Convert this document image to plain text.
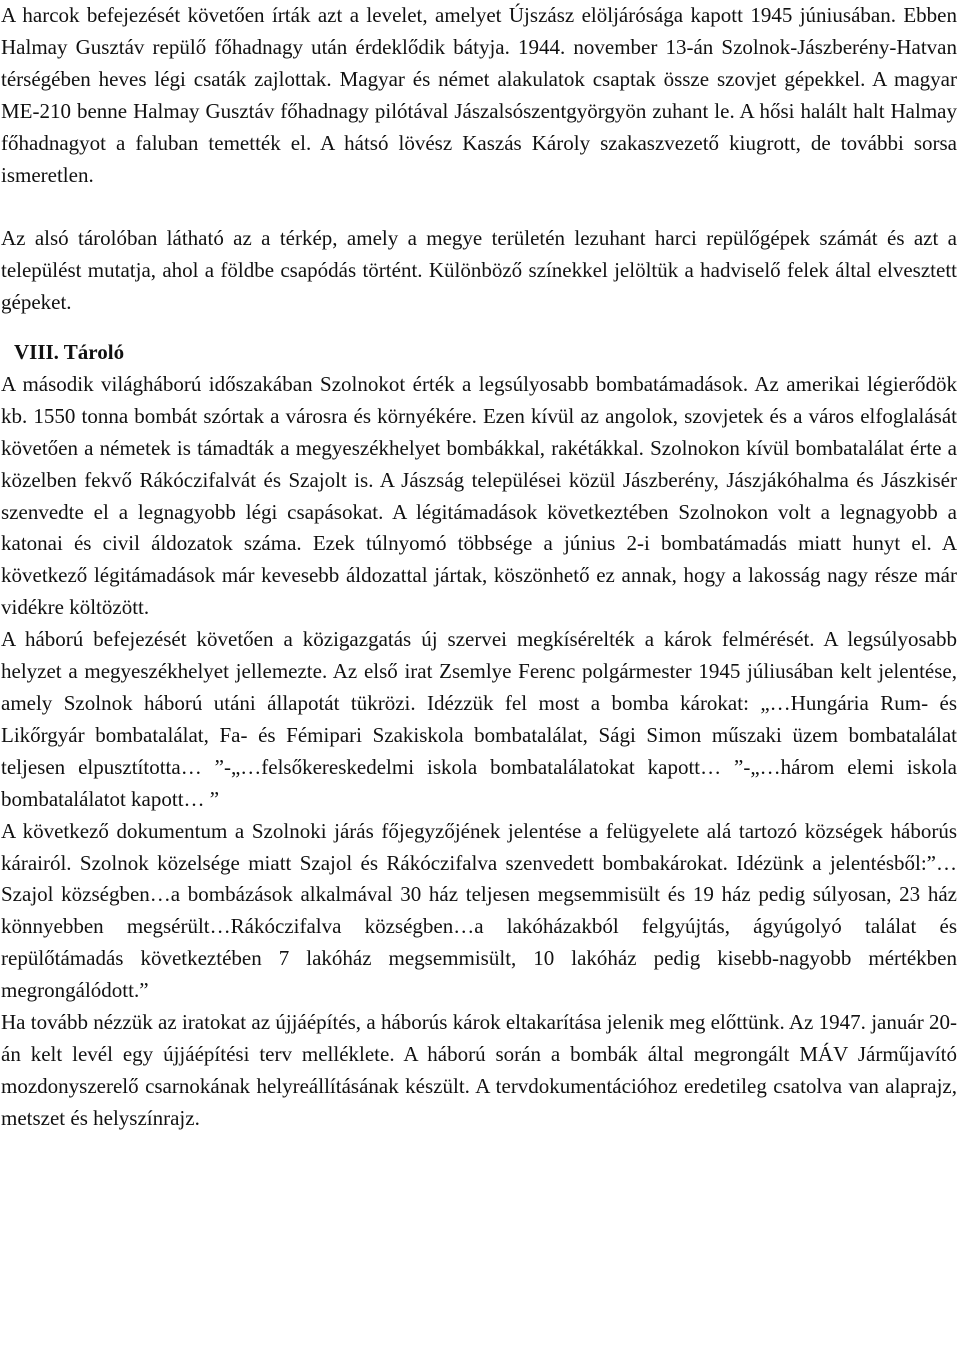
A harcok befejezését követően írták azt a levelet, amelyet Újszász elöljárósága kapott 1945 júniusában. Ebben Halmay Gusztáv repülő főhadnagy után érdeklődik bátyja. 1944. november 13-án Szolnok-Jászberény-Hatvan térségében heves légi csaták zajlottak. Magyar és német alakulatok csaptak össze szovjet gépekkel. A magyar ME-210 benne Halmay Gusztáv főhadnagy pilótával Jászalsószentgyörgyön zuhant le. A hősi halált halt Halmay főhadnagyot a faluban temették el. A hátsó lövész Kaszás Károly szakaszvezető kiugrott, de további sorsa ismeretlen.

Az alsó tárolóban látható az a térkép, amely a megye területén lezuhant harci repülőgépek számát és azt a települést mutatja, ahol a földbe csapódás történt. Különböző színekkel jelöltük a hadviselő felek által elvesztett gépeket.

VIII. Tároló

A második világháború időszakában Szolnokot érték a legsúlyosabb bombatámadások. Az amerikai légierődök kb. 1550 tonna bombát szórtak a városra és környékére. Ezen kívül az angolok, szovjetek és a város elfoglalását követően a németek is támadták a megyeszékhelyet bombákkal, rakétákkal. Szolnokon kívül bombatalálat érte a közelben fekvő Rákóczifalvát és Szajolt is. A Jászság települései közül Jászberény, Jászjákóhalma és Jászkisér szenvedte el a legnagyobb légi csapásokat. A légitámadások következtében Szolnokon volt a legnagyobb a katonai és civil áldozatok száma. Ezek túlnyomó többsége a június 2-i bombatámadás miatt hunyt el. A következő légitámadások már kevesebb áldozattal jártak, köszönhető ez annak, hogy a lakosság nagy része már vidékre költözött.

A háború befejezését követően a közigazgatás új szervei megkísérelték a károk felmérését. A legsúlyosabb helyzet a megyeszékhelyet jellemezte. Az első irat Zsemlye Ferenc polgármester 1945 júliusában kelt jelentése, amely Szolnok háború utáni állapotát tükrözi. Idézzük fel most a bomba károkat: „…Hungária Rum- és Likőrgyár bombatalálat, Fa- és Fémipari Szakiskola bombatalálat, Sági Simon műszaki üzem bombatalálat teljesen elpusztította… ”-„…felsőkereskedelmi iskola bombatalálatokat kapott… ”-„…három elemi iskola bombatalálatot kapott… ”

A következő dokumentum a Szolnoki járás főjegyzőjének jelentése a felügyelete alá tartozó községek háborús kárairól. Szolnok közelsége miatt Szajol és Rákóczifalva szenvedett bombakárokat. Idézünk a jelentésből:”…Szajol községben…a bombázások alkalmával 30 ház teljesen megsemmisült és 19 ház pedig súlyosan, 23 ház könnyebben megsérült…Rákóczifalva községben…a lakóházakból felgyújtás, ágyúgolyó találat és repülőtámadás következtében 7 lakóház megsemmisült, 10 lakóház pedig kisebb-nagyobb mértékben megrongálódott.”

Ha tovább nézzük az iratokat az újjáépítés, a háborús károk eltakarítása jelenik meg előttünk. Az 1947. január 20-án kelt levél egy újjáépítési terv melléklete. A háború során a bombák által megrongált MÁV Járműjavító mozdonyszerelő csarnokának helyreállításának készült. A tervdokumentációhoz eredetileg csatolva van alaprajz, metszet és helyszínrajz.
